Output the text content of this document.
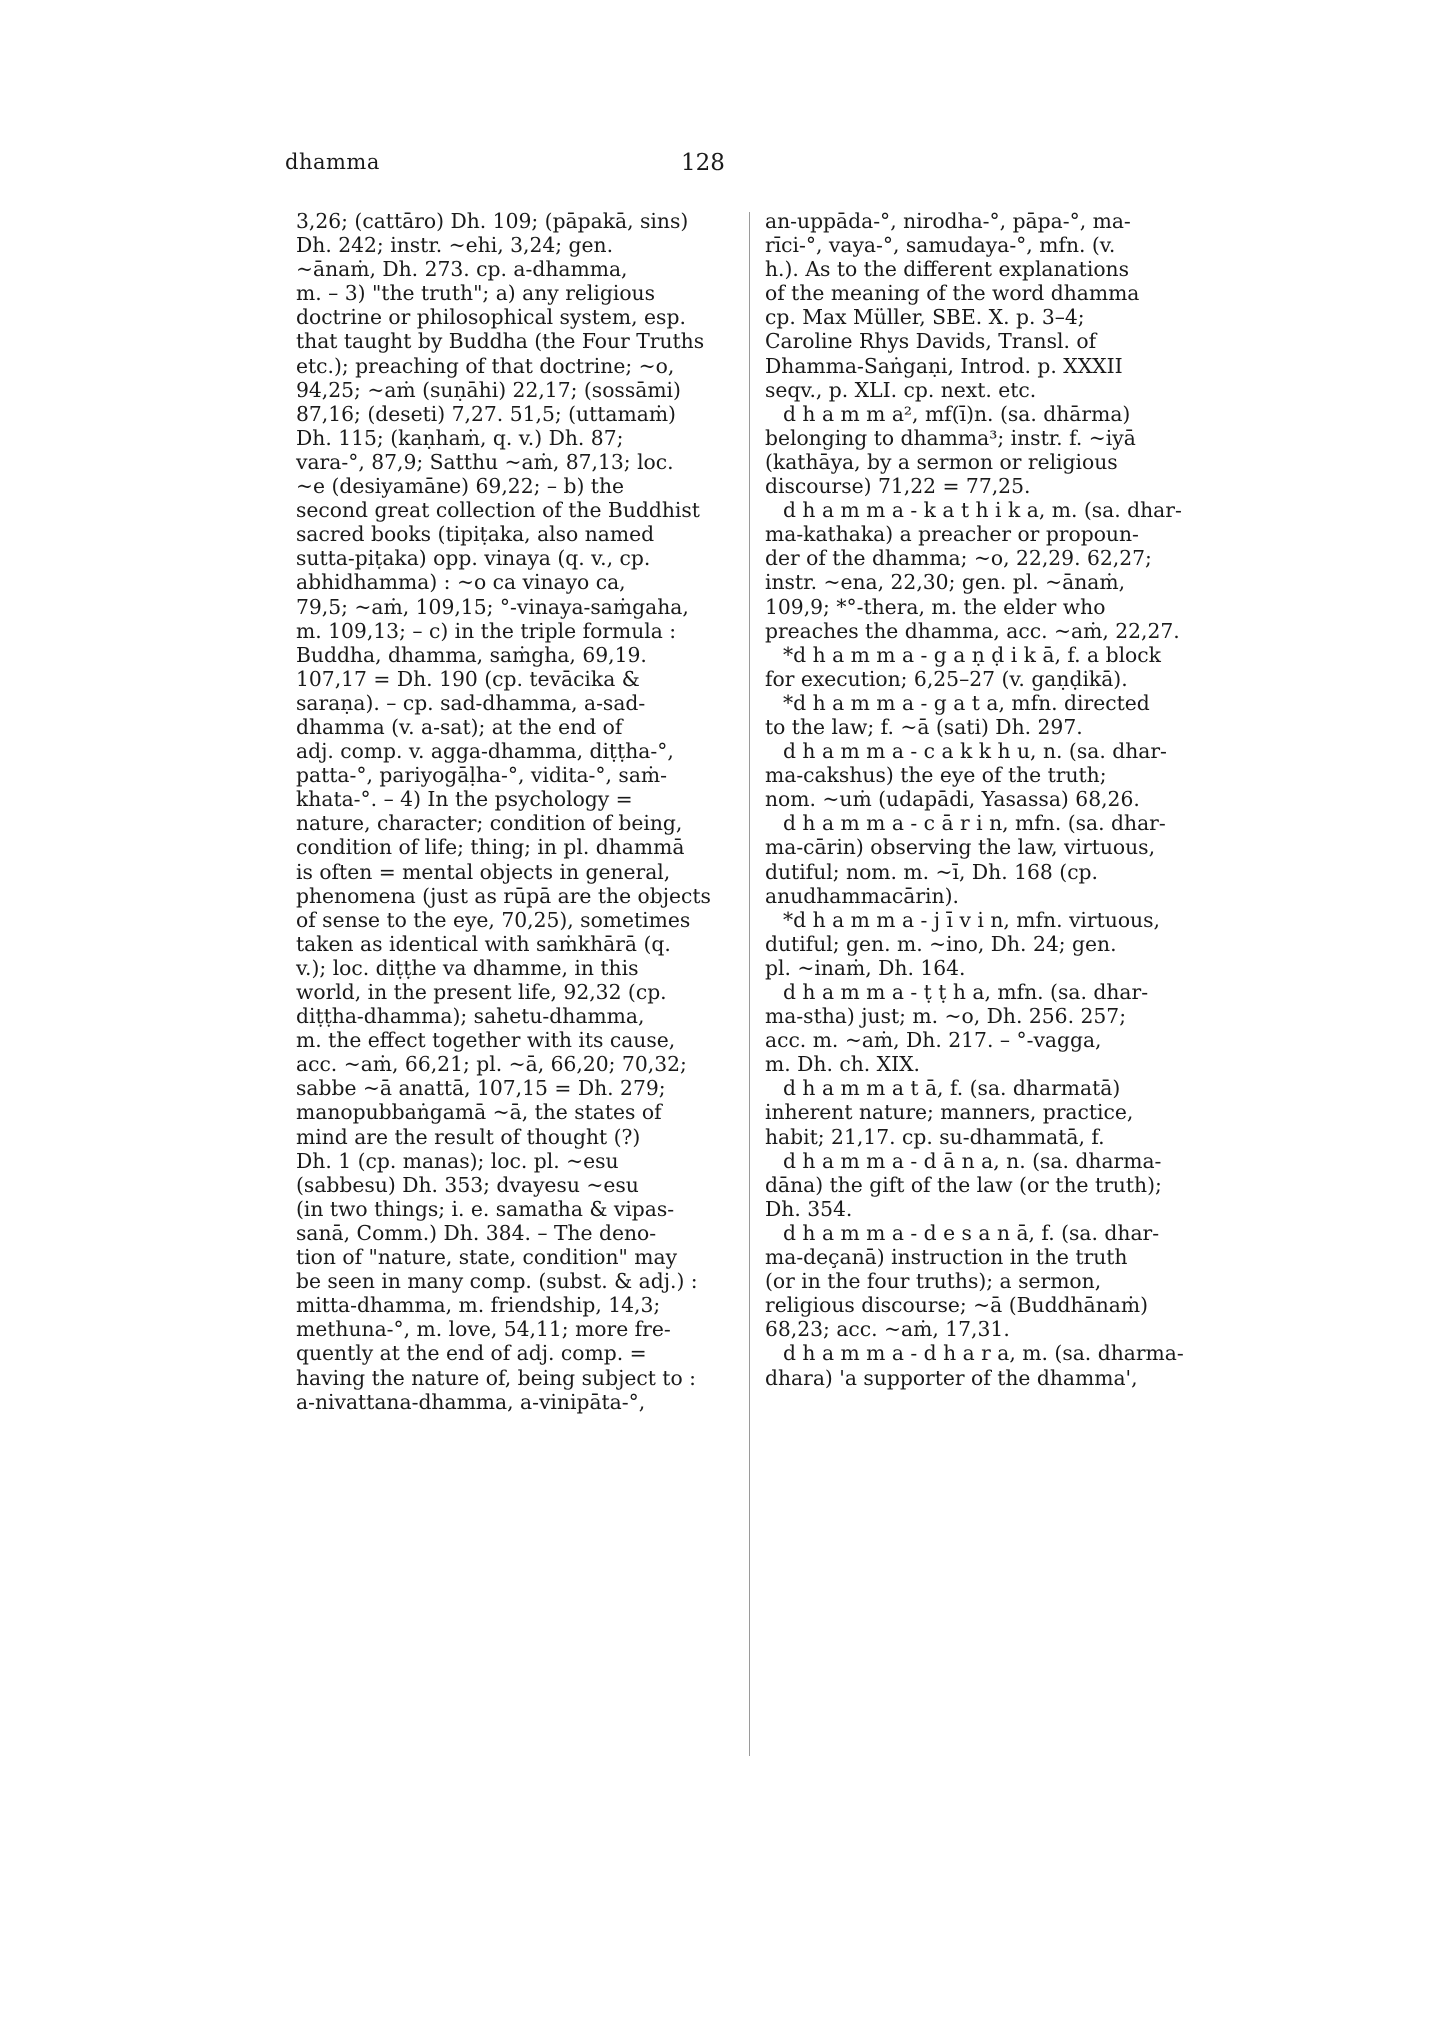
dhamma	128
3,26; (cattāro) Dh. 109; (pāpakā, sins)
Dh. 242; instr. ~ehi, 3,24; gen.
~ānaṁ, Dh. 273. cp. a-dhamma,
m. – 3) "the truth"; a) any religious
doctrine or philosophical system, esp.
that taught by Buddha (the Four Truths
etc.); preaching of that doctrine; ~o,
94,25; ~aṁ (suṇāhi) 22,17; (sossāmi)
87,16; (deseti) 7,27. 51,5; (uttamaṁ)
Dh. 115; (kaṇhaṁ, q. v.) Dh. 87;
vara-°, 87,9; Satthu ~aṁ, 87,13; loc.
~e (desiyamāne) 69,22; – b) the
second great collection of the Buddhist
sacred books (tipiṭaka, also named
sutta-piṭaka) opp. vinaya (q. v., cp.
abhidhamma) : ~o ca vinayo ca,
79,5; ~aṁ, 109,15; °-vinaya-saṁgaha,
m. 109,13; – c) in the triple formula :
Buddha, dhamma, saṁgha, 69,19.
107,17 = Dh. 190 (cp. tevācika &
saraṇa). – cp. sad-dhamma, a-sad-
dhamma (v. a-sat); at the end of
adj. comp. v. agga-dhamma, diṭṭha-°,
patta-°, pariyogāḷha-°, vidita-°, saṁ-
khata-°. – 4) In the psychology =
nature, character; condition of being,
condition of life; thing; in pl. dhammā
is often = mental objects in general,
phenomena (just as rūpā are the objects
of sense to the eye, 70,25), sometimes
taken as identical with saṁkhārā (q.
v.); loc. diṭṭhe va dhamme, in this
world, in the present life, 92,32 (cp.
diṭṭha-dhamma); sahetu-dhamma,
m. the effect together with its cause,
acc. ~aṁ, 66,21; pl. ~ā, 66,20; 70,32;
sabbe ~ā anattā, 107,15 = Dh. 279;
manopubbaṅgamā ~ā, the states of
mind are the result of thought (?)
Dh. 1 (cp. manas); loc. pl. ~esu
(sabbesu) Dh. 353; dvayesu ~esu
(in two things; i. e. samatha & vipas-
sanā, Comm.) Dh. 384. – The deno-
tion of "nature, state, condition" may
be seen in many comp. (subst. & adj.) :
mitta-dhamma, m. friendship, 14,3;
methuna-°, m. love, 54,11; more fre-
quently at the end of adj. comp. =
having the nature of, being subject to :
a-nivattana-dhamma, a-vinipāta-°,
an-uppāda-°, nirodha-°, pāpa-°, ma-
rīci-°, vaya-°, samudaya-°, mfn. (v.
h.). As to the different explanations
of the meaning of the word dhamma
cp. Max Müller, SBE. X. p. 3–4;
Caroline Rhys Davids, Transl. of
Dhamma-Saṅgaṇi, Introd. p. XXXII
seqv., p. XLI. cp. next. etc.
d h a m m a², mf(ī)n. (sa. dhārma)
belonging to dhamma³; instr. f. ~iyā
(kathāya, by a sermon or religious
discourse) 71,22 = 77,25.
d h a m m a - k a t h i k a, m. (sa. dhar-
ma-kathaka) a preacher or propoun-
der of the dhamma; ~o, 22,29. 62,27;
instr. ~ena, 22,30; gen. pl. ~ānaṁ,
109,9; *°-thera, m. the elder who
preaches the dhamma, acc. ~aṁ, 22,27.
*d h a m m a - g a ṇ ḍ i k ā, f. a block
for execution; 6,25–27 (v. gaṇḍikā).
*d h a m m a - g a t a, mfn. directed
to the law; f. ~ā (sati) Dh. 297.
d h a m m a - c a k k h u, n. (sa. dhar-
ma-cakshus) the eye of the truth;
nom. ~uṁ (udapādi, Yasassa) 68,26.
d h a m m a - c ā r i n, mfn. (sa. dhar-
ma-cārin) observing the law, virtuous,
dutiful; nom. m. ~ī, Dh. 168 (cp.
anudhammacārin).
*d h a m m a - j ī v i n, mfn. virtuous,
dutiful; gen. m. ~ino, Dh. 24; gen.
pl. ~inaṁ, Dh. 164.
d h a m m a - ṭ ṭ h a, mfn. (sa. dhar-
ma-stha) just; m. ~o, Dh. 256. 257;
acc. m. ~aṁ, Dh. 217. – °-vagga,
m. Dh. ch. XIX.
d h a m m a t ā, f. (sa. dharmatā)
inherent nature; manners, practice,
habit; 21,17. cp. su-dhammatā, f.
d h a m m a - d ā n a, n. (sa. dharma-
dāna) the gift of the law (or the truth);
Dh. 354.
d h a m m a - d e s a n ā, f. (sa. dhar-
ma-deçanā) instruction in the truth
(or in the four truths); a sermon,
religious discourse; ~ā (Buddhānaṁ)
68,23; acc. ~aṁ, 17,31.
d h a m m a - d h a r a, m. (sa. dharma-
dhara) 'a supporter of the dhamma',
